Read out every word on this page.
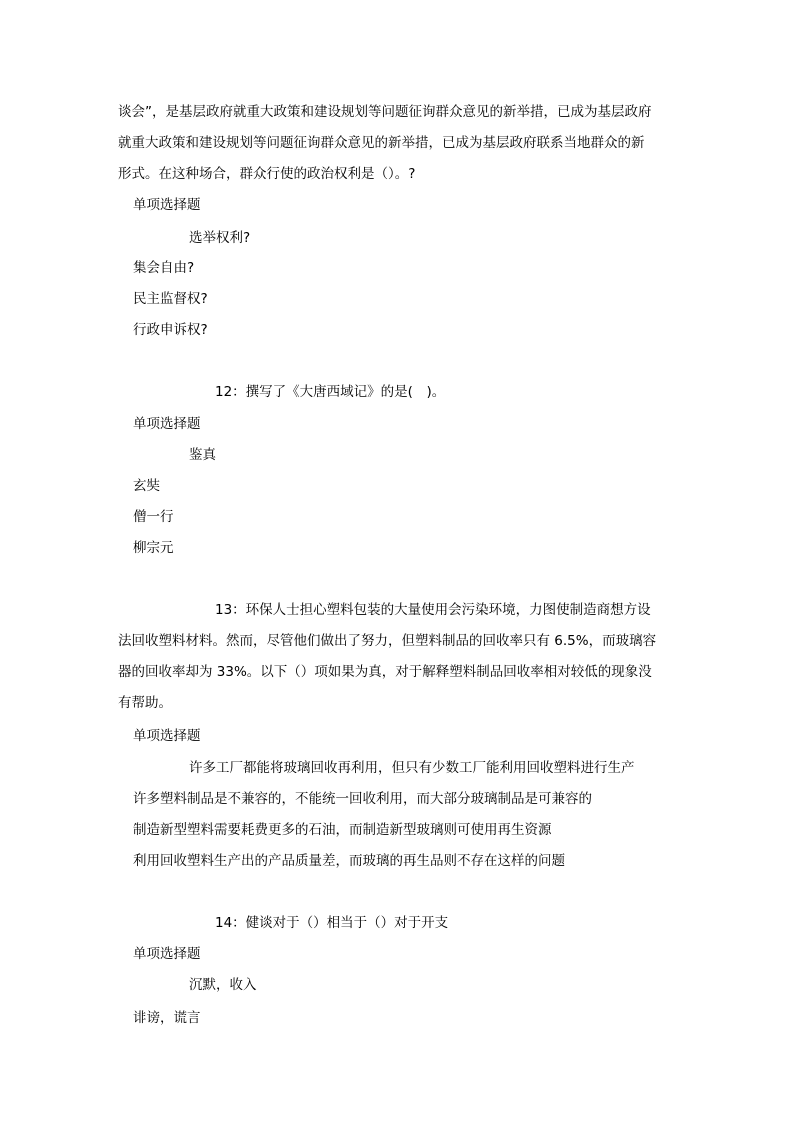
谈会”，是基层政府就重大政策和建设规划等问题征询群众意见的新举措，已成为基层政府
就重大政策和建设规划等问题征询群众意见的新举措，已成为基层政府联系当地群众的新
形式。在这种场合，群众行使的政治权利是（）。?
单项选择题
选举权利?
集会自由?
民主监督权?
行政申诉权?
12：撰写了《大唐西域记》的是(　)。
单项选择题
鉴真
玄奘
僧一行
柳宗元
13：环保人士担心塑料包装的大量使用会污染环境，力图使制造商想方设
法回收塑料材料。然而，尽管他们做出了努力，但塑料制品的回收率只有 6.5%，而玻璃容
器的回收率却为 33%。以下（）项如果为真，对于解释塑料制品回收率相对较低的现象没
有帮助。
单项选择题
许多工厂都能将玻璃回收再利用，但只有少数工厂能利用回收塑料进行生产
许多塑料制品是不兼容的，不能统一回收利用，而大部分玻璃制品是可兼容的
制造新型塑料需要耗费更多的石油，而制造新型玻璃则可使用再生资源
利用回收塑料生产出的产品质量差，而玻璃的再生品则不存在这样的问题
14：健谈对于（）相当于（）对于开支
单项选择题
沉默，收入
诽谤，谎言
